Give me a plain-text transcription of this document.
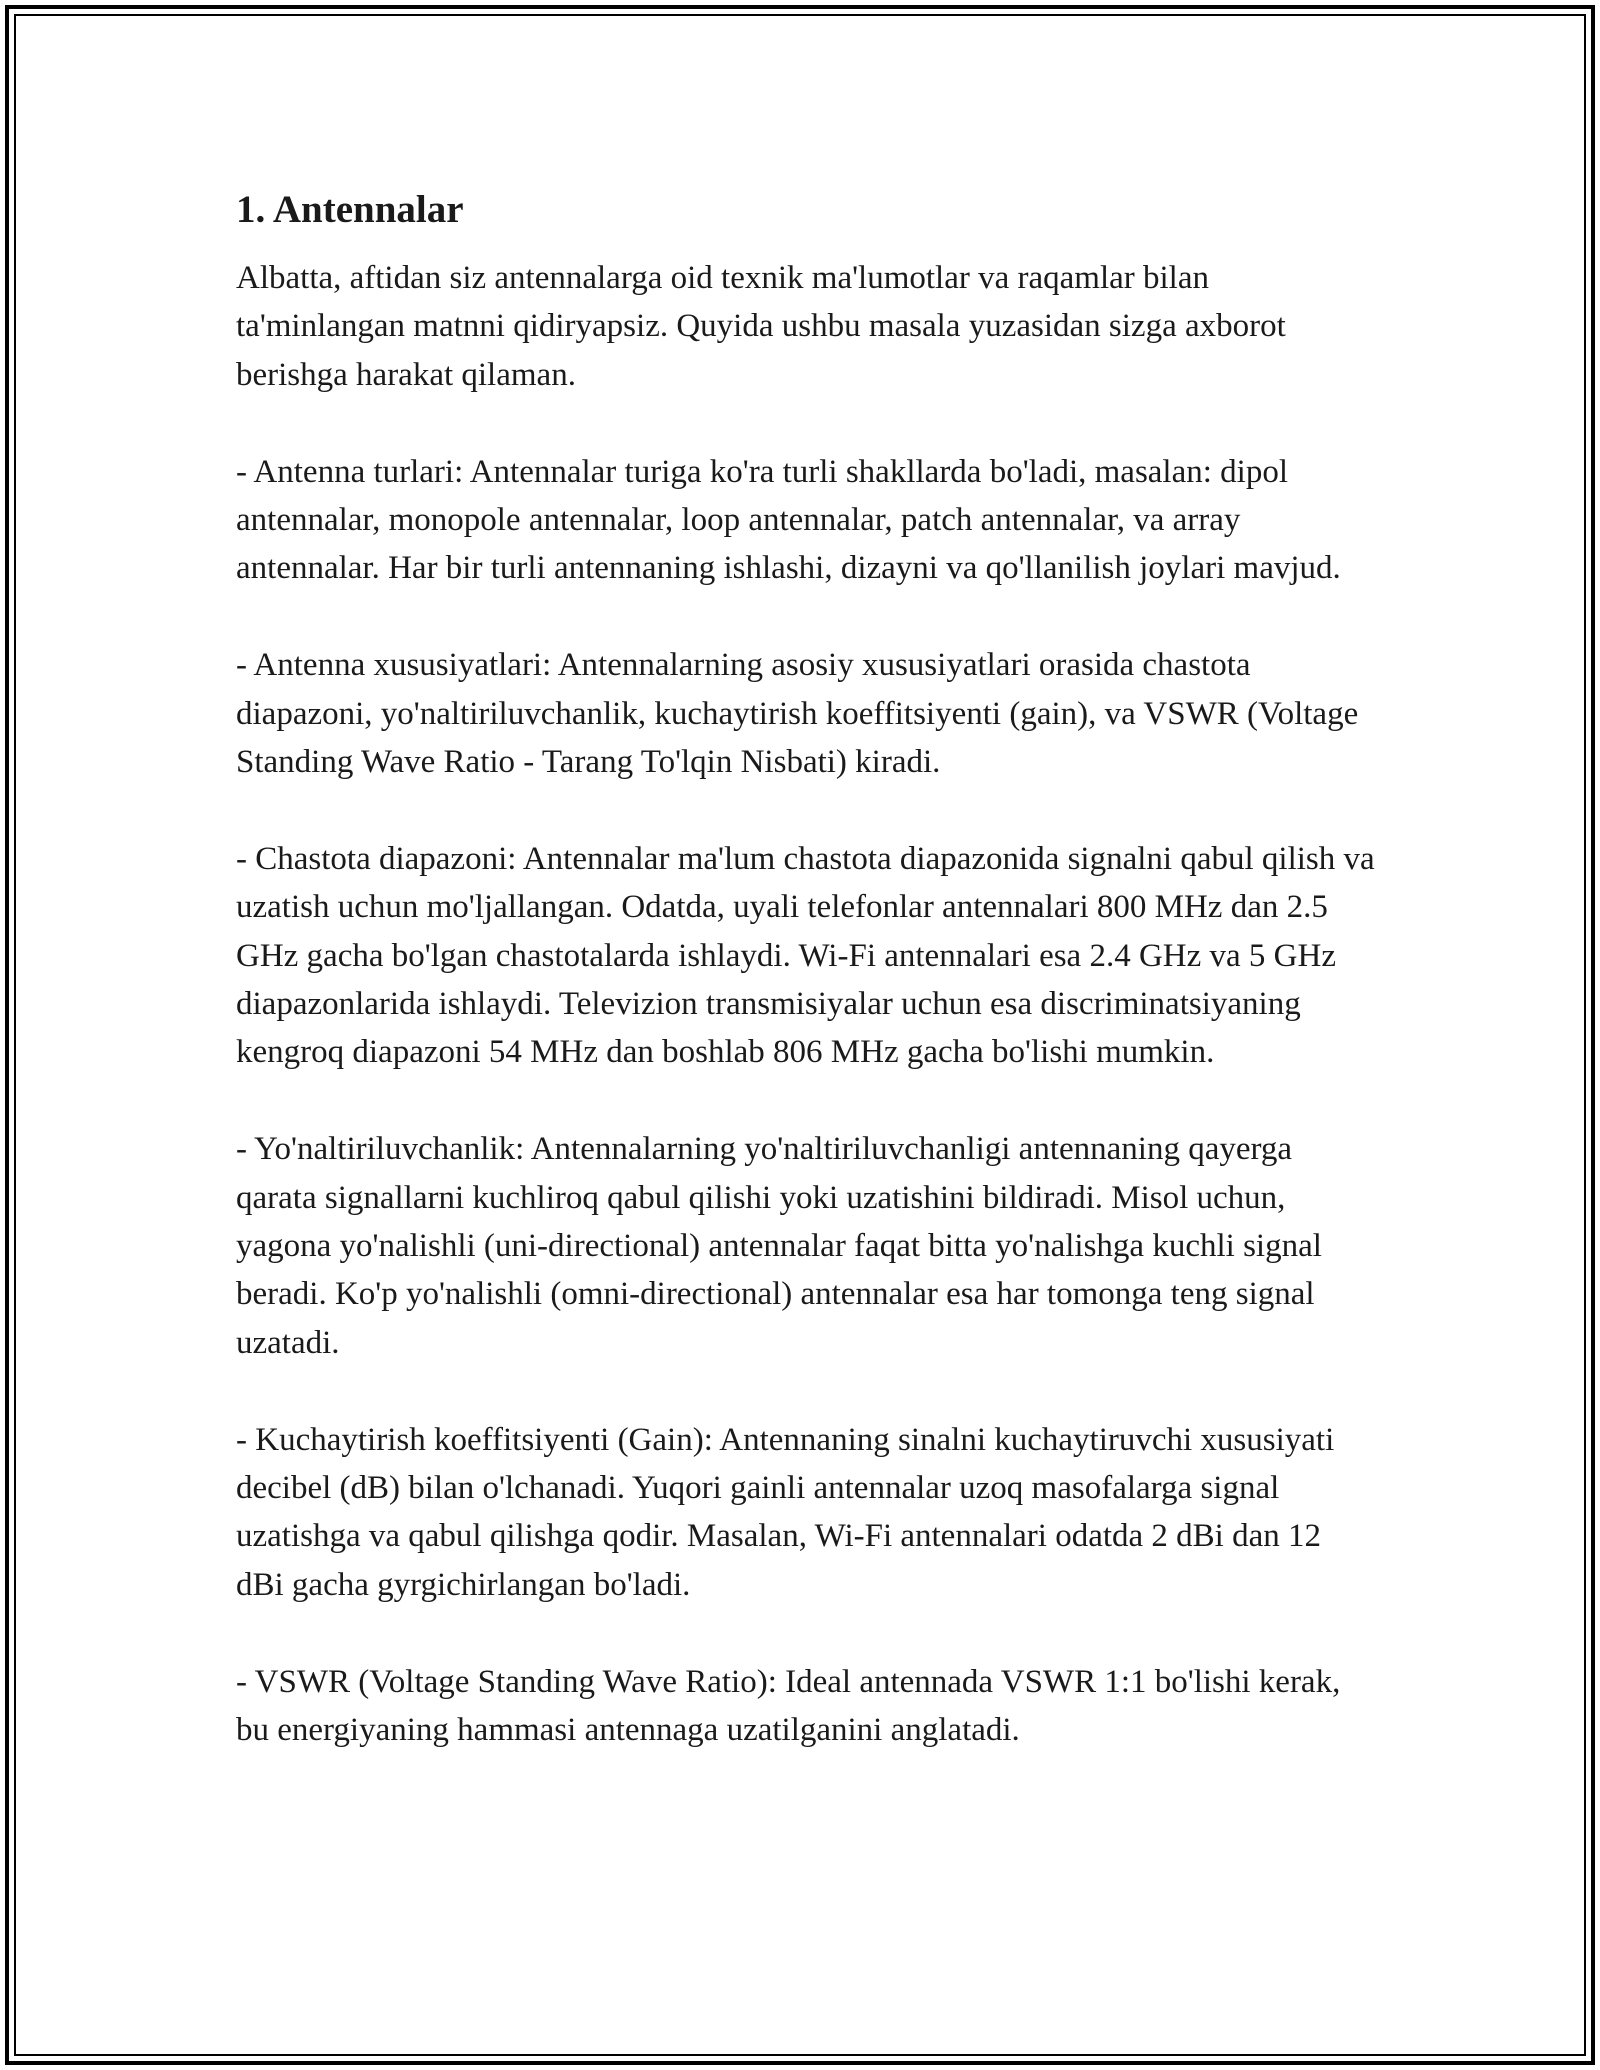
1. Antennalar

Albatta, aftidan siz antennalarga oid texnik ma'lumotlar va raqamlar bilan ta'minlangan matnni qidiryapsiz. Quyida ushbu masala yuzasidan sizga axborot berishga harakat qilaman.

- Antenna turlari: Antennalar turiga ko'ra turli shakllarda bo'ladi, masalan: dipol antennalar, monopole antennalar, loop antennalar, patch antennalar, va array antennalar. Har bir turli antennaning ishlashi, dizayni va qo'llanilish joylari mavjud.

- Antenna xususiyatlari: Antennalarning asosiy xususiyatlari orasida chastota diapazoni, yo'naltiriluvchanlik, kuchaytirish koeffitsiyenti (gain), va VSWR (Voltage Standing Wave Ratio - Tarang To'lqin Nisbati) kiradi.

- Chastota diapazoni: Antennalar ma'lum chastota diapazonida signalni qabul qilish va uzatish uchun mo'ljallangan. Odatda, uyali telefonlar antennalari 800 MHz dan 2.5 GHz gacha bo'lgan chastotalarda ishlaydi. Wi-Fi antennalari esa 2.4 GHz va 5 GHz diapazonlarida ishlaydi. Televizion transmisiyalar uchun esa discriminatsiyaning kengroq diapazoni 54 MHz dan boshlab 806 MHz gacha bo'lishi mumkin.

- Yo'naltiriluvchanlik: Antennalarning yo'naltiriluvchanligi antennaning qayerga qarata signallarni kuchliroq qabul qilishi yoki uzatishini bildiradi. Misol uchun, yagona yo'nalishli (uni-directional) antennalar faqat bitta yo'nalishga kuchli signal beradi. Ko'p yo'nalishli (omni-directional) antennalar esa har tomonga teng signal uzatadi.

- Kuchaytirish koeffitsiyenti (Gain): Antennaning sinalni kuchaytiruvchi xususiyati decibel (dB) bilan o'lchanadi. Yuqori gainli antennalar uzoq masofalarga signal uzatishga va qabul qilishga qodir. Masalan, Wi-Fi antennalari odatda 2 dBi dan 12 dBi gacha gyrgichirlangan bo'ladi.

- VSWR (Voltage Standing Wave Ratio): Ideal antennada VSWR 1:1 bo'lishi kerak, bu energiyaning hammasi antennaga uzatilganini anglatadi.
